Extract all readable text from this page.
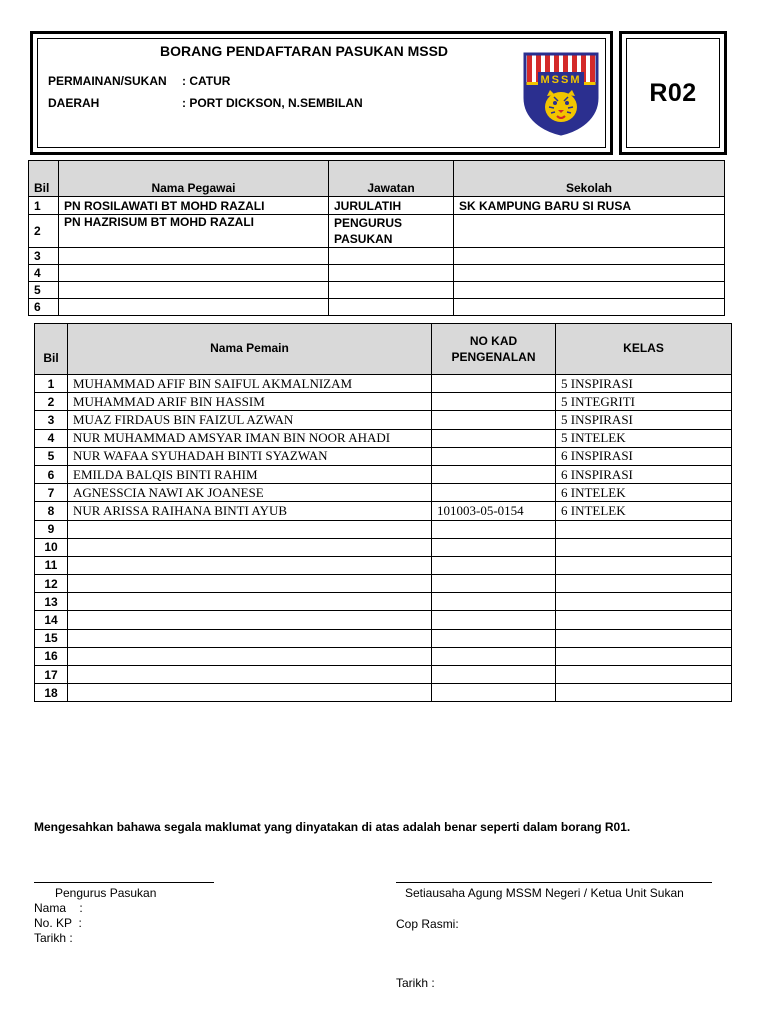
BORANG PENDAFTARAN PASUKAN MSSD
PERMAINAN/SUKAN : CATUR
DAERAH	: PORT DICKSON, N.SEMBILAN
MSSM	R02
Bil	Nama Pegawai	Jawatan	Sekolah
1	PN ROSILAWATI BT MOHD RAZALI	JURULATIH	SK KAMPUNG BARU SI RUSA
2	PN HAZRISUM BT MOHD RAZALI	PENGURUS PASUKAN	
3			
4			
5			
6			
Bil	Nama Pemain	NO KAD PENGENALAN	KELAS
1	MUHAMMAD AFIF BIN SAIFUL AKMALNIZAM		5 INSPIRASI
2	MUHAMMAD ARIF BIN HASSIM		5 INTEGRITI
3	MUAZ FIRDAUS BIN FAIZUL AZWAN		5 INSPIRASI
4	NUR MUHAMMAD AMSYAR IMAN BIN NOOR AHADI		5 INTELEK
5	NUR WAFAA SYUHADAH BINTI SYAZWAN		6 INSPIRASI
6	EMILDA BALQIS BINTI RAHIM		6 INSPIRASI
7	AGNESSCIA NAWI AK JOANESE		6 INTELEK
8	NUR ARISSA RAIHANA BINTI AYUB	101003-05-0154	6 INTELEK
9			
10			
11			
12			
13			
14			
15			
16			
17			
18			
Mengesahkan bahawa segala maklumat yang dinyatakan di atas adalah benar seperti dalam borang R01.
Pengurus Pasukan
Nama    :
No. KP  :
Tarikh :
Setiausaha Agung MSSM Negeri / Ketua Unit Sukan
Cop Rasmi:
Tarikh :
